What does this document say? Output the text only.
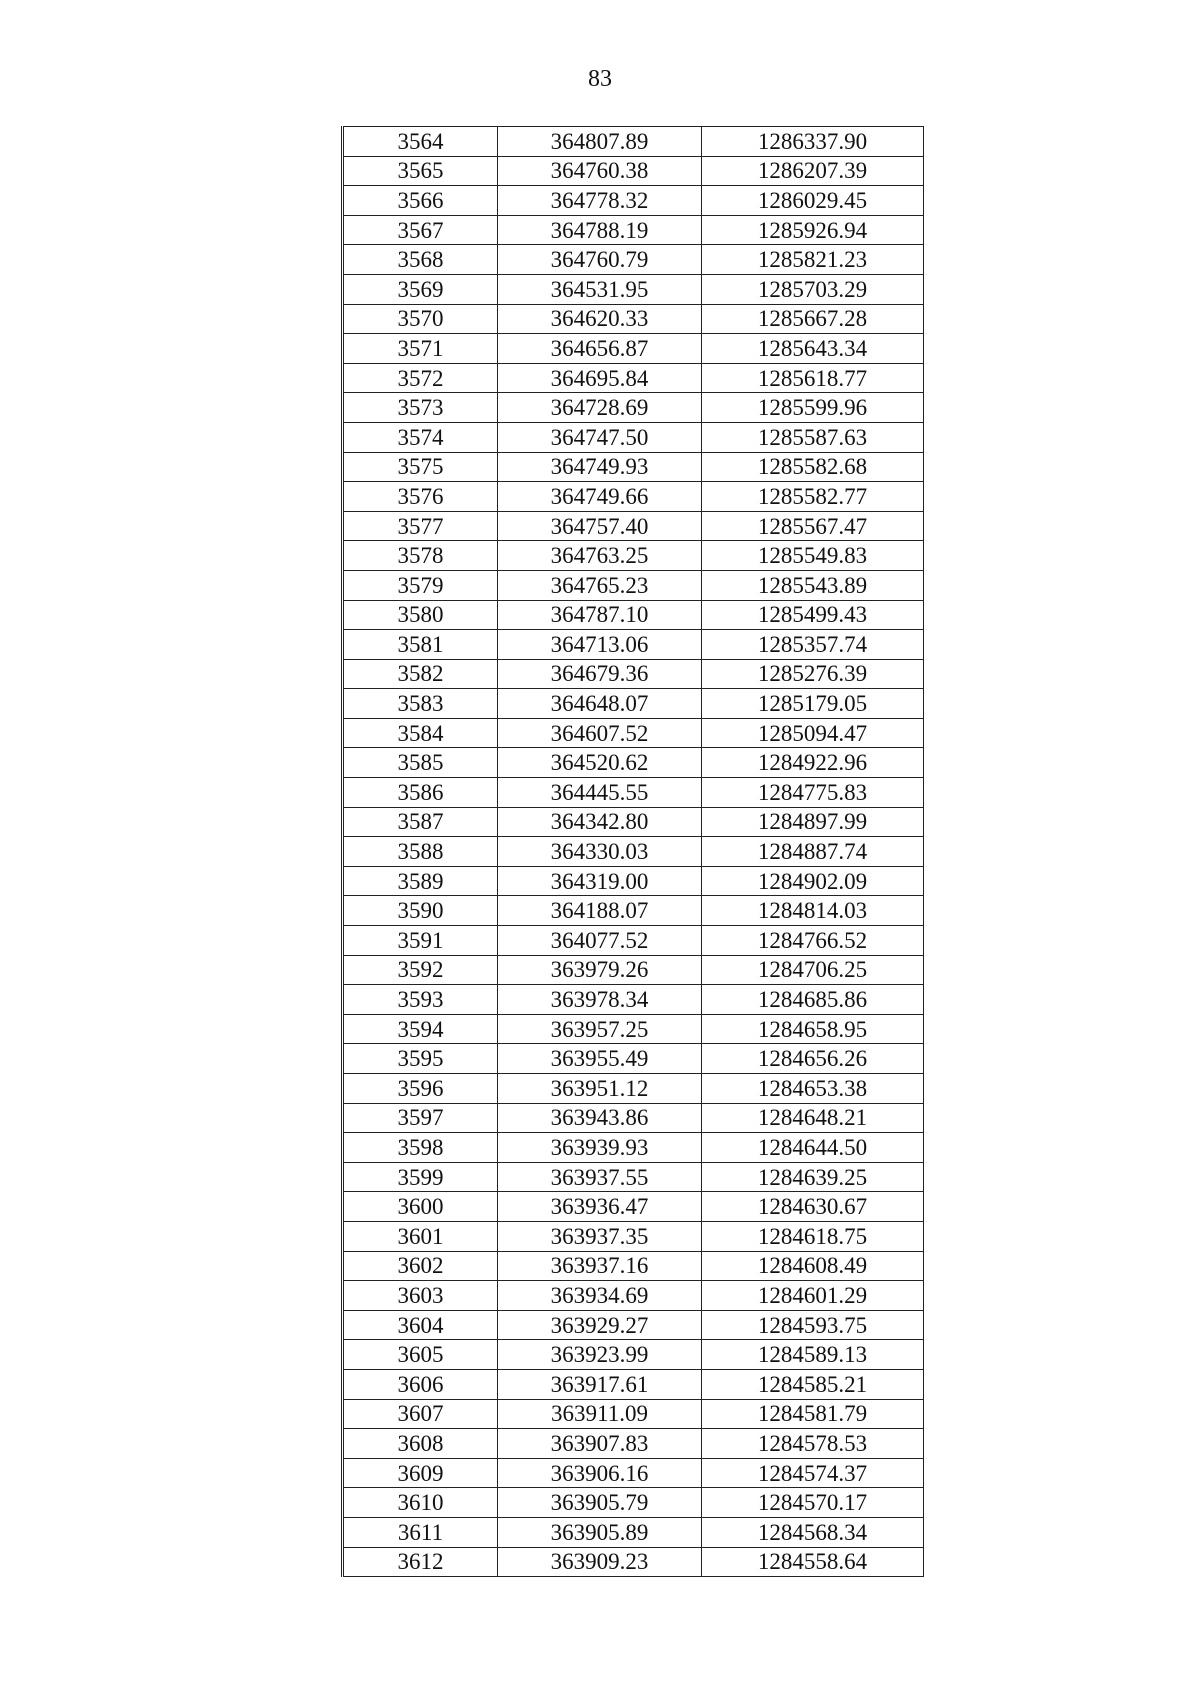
83
3564	364807.89	1286337.90
3565	364760.38	1286207.39
3566	364778.32	1286029.45
3567	364788.19	1285926.94
3568	364760.79	1285821.23
3569	364531.95	1285703.29
3570	364620.33	1285667.28
3571	364656.87	1285643.34
3572	364695.84	1285618.77
3573	364728.69	1285599.96
3574	364747.50	1285587.63
3575	364749.93	1285582.68
3576	364749.66	1285582.77
3577	364757.40	1285567.47
3578	364763.25	1285549.83
3579	364765.23	1285543.89
3580	364787.10	1285499.43
3581	364713.06	1285357.74
3582	364679.36	1285276.39
3583	364648.07	1285179.05
3584	364607.52	1285094.47
3585	364520.62	1284922.96
3586	364445.55	1284775.83
3587	364342.80	1284897.99
3588	364330.03	1284887.74
3589	364319.00	1284902.09
3590	364188.07	1284814.03
3591	364077.52	1284766.52
3592	363979.26	1284706.25
3593	363978.34	1284685.86
3594	363957.25	1284658.95
3595	363955.49	1284656.26
3596	363951.12	1284653.38
3597	363943.86	1284648.21
3598	363939.93	1284644.50
3599	363937.55	1284639.25
3600	363936.47	1284630.67
3601	363937.35	1284618.75
3602	363937.16	1284608.49
3603	363934.69	1284601.29
3604	363929.27	1284593.75
3605	363923.99	1284589.13
3606	363917.61	1284585.21
3607	363911.09	1284581.79
3608	363907.83	1284578.53
3609	363906.16	1284574.37
3610	363905.79	1284570.17
3611	363905.89	1284568.34
3612	363909.23	1284558.64
